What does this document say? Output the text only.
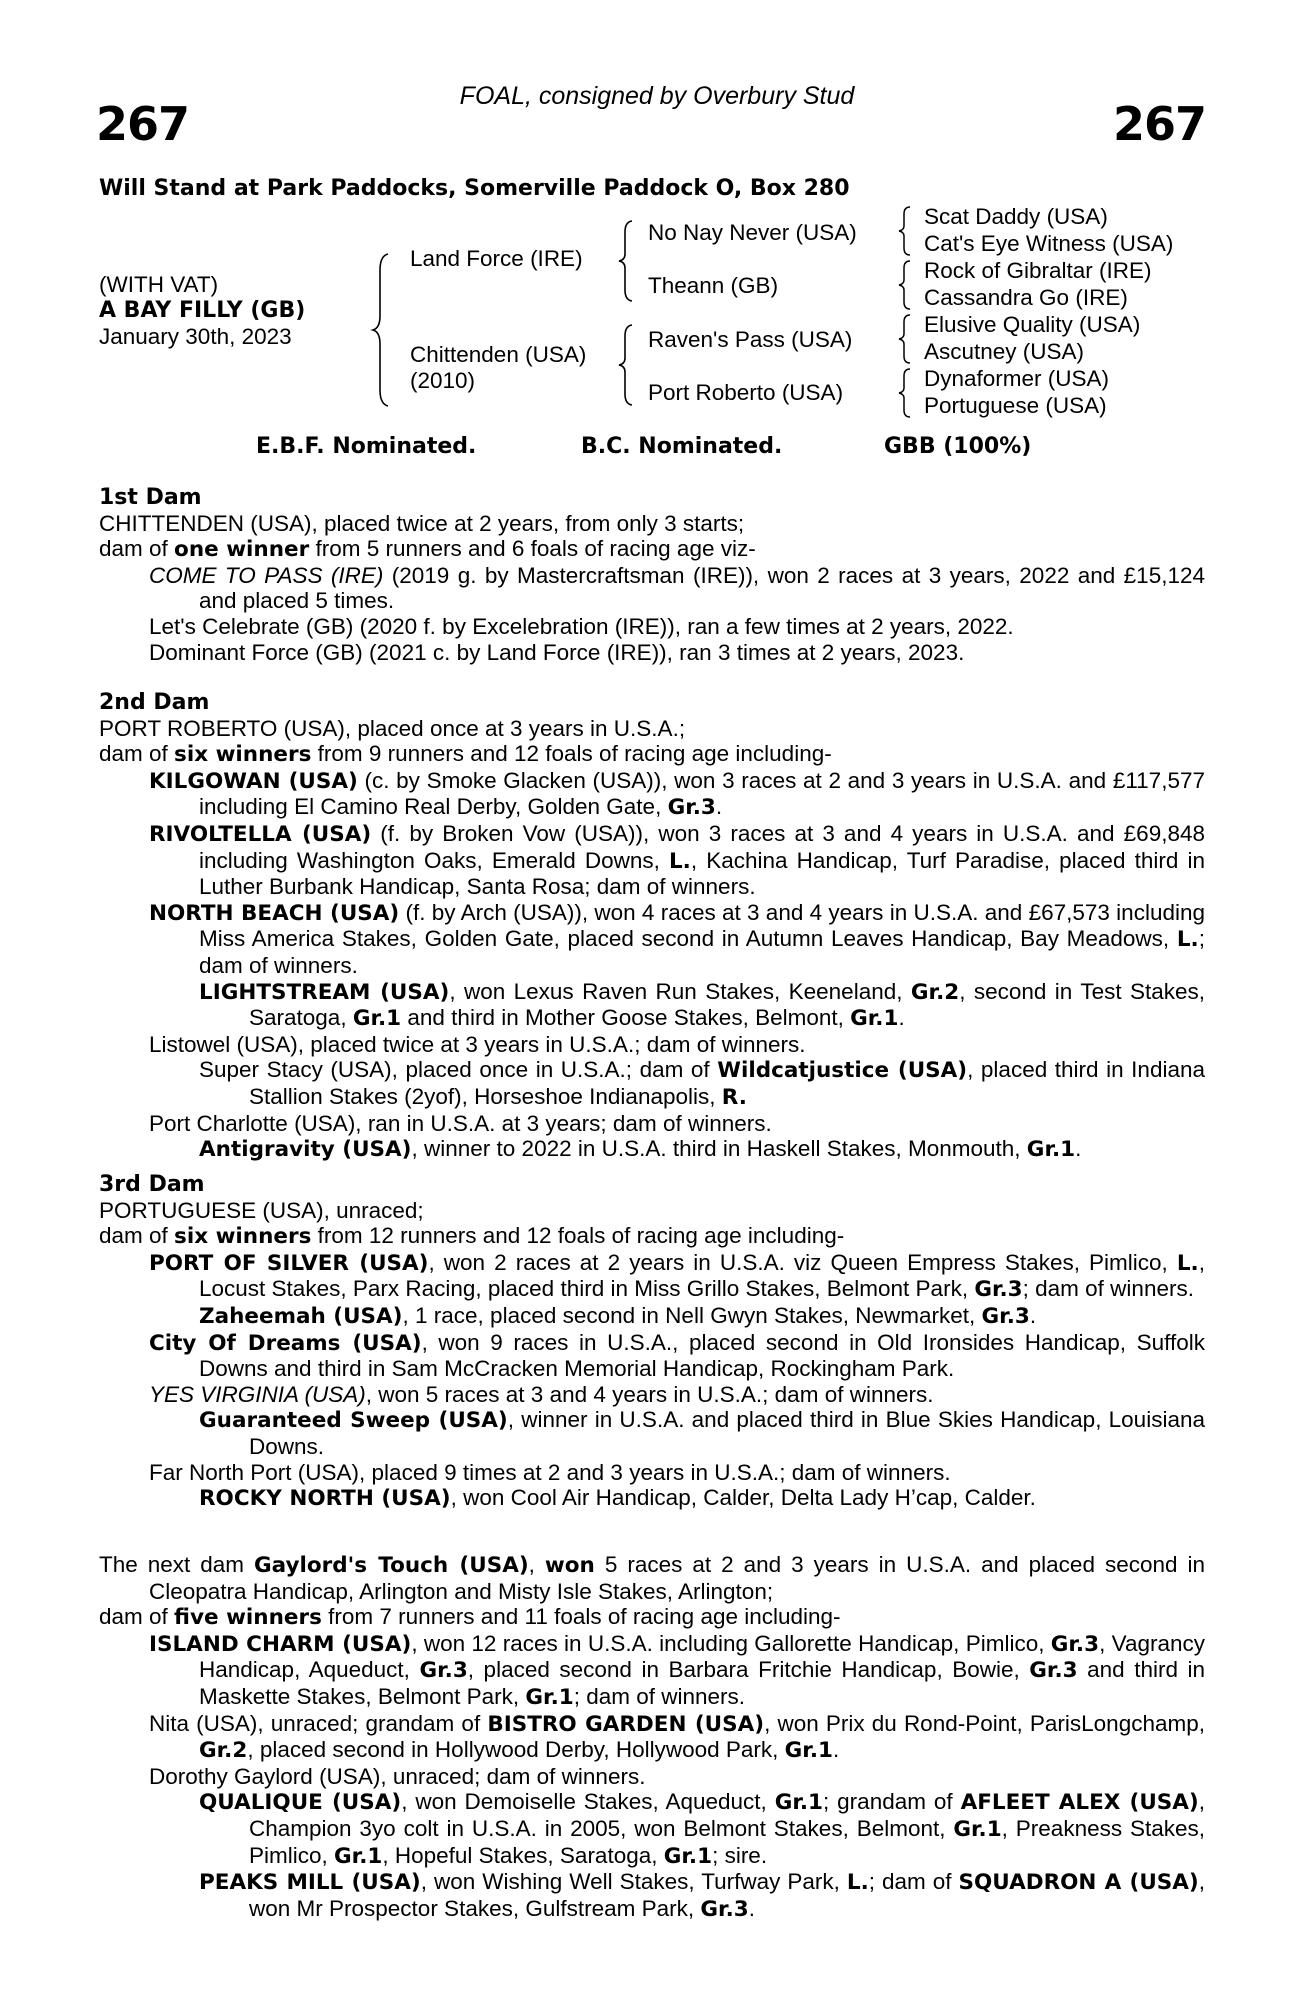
FOAL, consigned by Overbury Stud
267	267
Will Stand at Park Paddocks, Somerville Paddock O, Box 280
(WITH VAT)
A BAY FILLY (GB)
January 30th, 2023
Land Force (IRE)
Chittenden (USA)
(2010)
No Nay Never (USA)
Theann (GB)
Raven's Pass (USA)
Port Roberto (USA)
Scat Daddy (USA)
Cat's Eye Witness (USA)
Rock of Gibraltar (IRE)
Cassandra Go (IRE)
Elusive Quality (USA)
Ascutney (USA)
Dynaformer (USA)
Portuguese (USA)
E.B.F. Nominated.	B.C. Nominated.	GBB (100%)
1st Dam
CHITTENDEN (USA), placed twice at 2 years, from only 3 starts;
dam of one winner from 5 runners and 6 foals of racing age viz-
COME TO PASS (IRE) (2019 g. by Mastercraftsman (IRE)), won 2 races at 3 years, 2022 and £15,124 and placed 5 times.
Let's Celebrate (GB) (2020 f. by Excelebration (IRE)), ran a few times at 2 years, 2022.
Dominant Force (GB) (2021 c. by Land Force (IRE)), ran 3 times at 2 years, 2023.
2nd Dam
PORT ROBERTO (USA), placed once at 3 years in U.S.A.;
dam of six winners from 9 runners and 12 foals of racing age including-
KILGOWAN (USA) (c. by Smoke Glacken (USA)), won 3 races at 2 and 3 years in U.S.A. and £117,577 including El Camino Real Derby, Golden Gate, Gr.3.
RIVOLTELLA (USA) (f. by Broken Vow (USA)), won 3 races at 3 and 4 years in U.S.A. and £69,848 including Washington Oaks, Emerald Downs, L., Kachina Handicap, Turf Paradise, placed third in Luther Burbank Handicap, Santa Rosa; dam of winners.
NORTH BEACH (USA) (f. by Arch (USA)), won 4 races at 3 and 4 years in U.S.A. and £67,573 including Miss America Stakes, Golden Gate, placed second in Autumn Leaves Handicap, Bay Meadows, L.; dam of winners.
LIGHTSTREAM (USA), won Lexus Raven Run Stakes, Keeneland, Gr.2, second in Test Stakes, Saratoga, Gr.1 and third in Mother Goose Stakes, Belmont, Gr.1.
Listowel (USA), placed twice at 3 years in U.S.A.; dam of winners.
Super Stacy (USA), placed once in U.S.A.; dam of Wildcatjustice (USA), placed third in Indiana Stallion Stakes (2yof), Horseshoe Indianapolis, R.
Port Charlotte (USA), ran in U.S.A. at 3 years; dam of winners.
Antigravity (USA), winner to 2022 in U.S.A. third in Haskell Stakes, Monmouth, Gr.1.
3rd Dam
PORTUGUESE (USA), unraced;
dam of six winners from 12 runners and 12 foals of racing age including-
PORT OF SILVER (USA), won 2 races at 2 years in U.S.A. viz Queen Empress Stakes, Pimlico, L., Locust Stakes, Parx Racing, placed third in Miss Grillo Stakes, Belmont Park, Gr.3; dam of winners.
Zaheemah (USA), 1 race, placed second in Nell Gwyn Stakes, Newmarket, Gr.3.
City Of Dreams (USA), won 9 races in U.S.A., placed second in Old Ironsides Handicap, Suffolk Downs and third in Sam McCracken Memorial Handicap, Rockingham Park.
YES VIRGINIA (USA), won 5 races at 3 and 4 years in U.S.A.; dam of winners.
Guaranteed Sweep (USA), winner in U.S.A. and placed third in Blue Skies Handicap, Louisiana Downs.
Far North Port (USA), placed 9 times at 2 and 3 years in U.S.A.; dam of winners.
ROCKY NORTH (USA), won Cool Air Handicap, Calder, Delta Lady H’cap, Calder.
The next dam Gaylord's Touch (USA), won 5 races at 2 and 3 years in U.S.A. and placed second in Cleopatra Handicap, Arlington and Misty Isle Stakes, Arlington;
dam of five winners from 7 runners and 11 foals of racing age including-
ISLAND CHARM (USA), won 12 races in U.S.A. including Gallorette Handicap, Pimlico, Gr.3, Vagrancy Handicap, Aqueduct, Gr.3, placed second in Barbara Fritchie Handicap, Bowie, Gr.3 and third in Maskette Stakes, Belmont Park, Gr.1; dam of winners.
Nita (USA), unraced; grandam of BISTRO GARDEN (USA), won Prix du Rond-Point, ParisLongchamp, Gr.2, placed second in Hollywood Derby, Hollywood Park, Gr.1.
Dorothy Gaylord (USA), unraced; dam of winners.
QUALIQUE (USA), won Demoiselle Stakes, Aqueduct, Gr.1; grandam of AFLEET ALEX (USA), Champion 3yo colt in U.S.A. in 2005, won Belmont Stakes, Belmont, Gr.1, Preakness Stakes, Pimlico, Gr.1, Hopeful Stakes, Saratoga, Gr.1; sire.
PEAKS MILL (USA), won Wishing Well Stakes, Turfway Park, L.; dam of SQUADRON A (USA), won Mr Prospector Stakes, Gulfstream Park, Gr.3.
